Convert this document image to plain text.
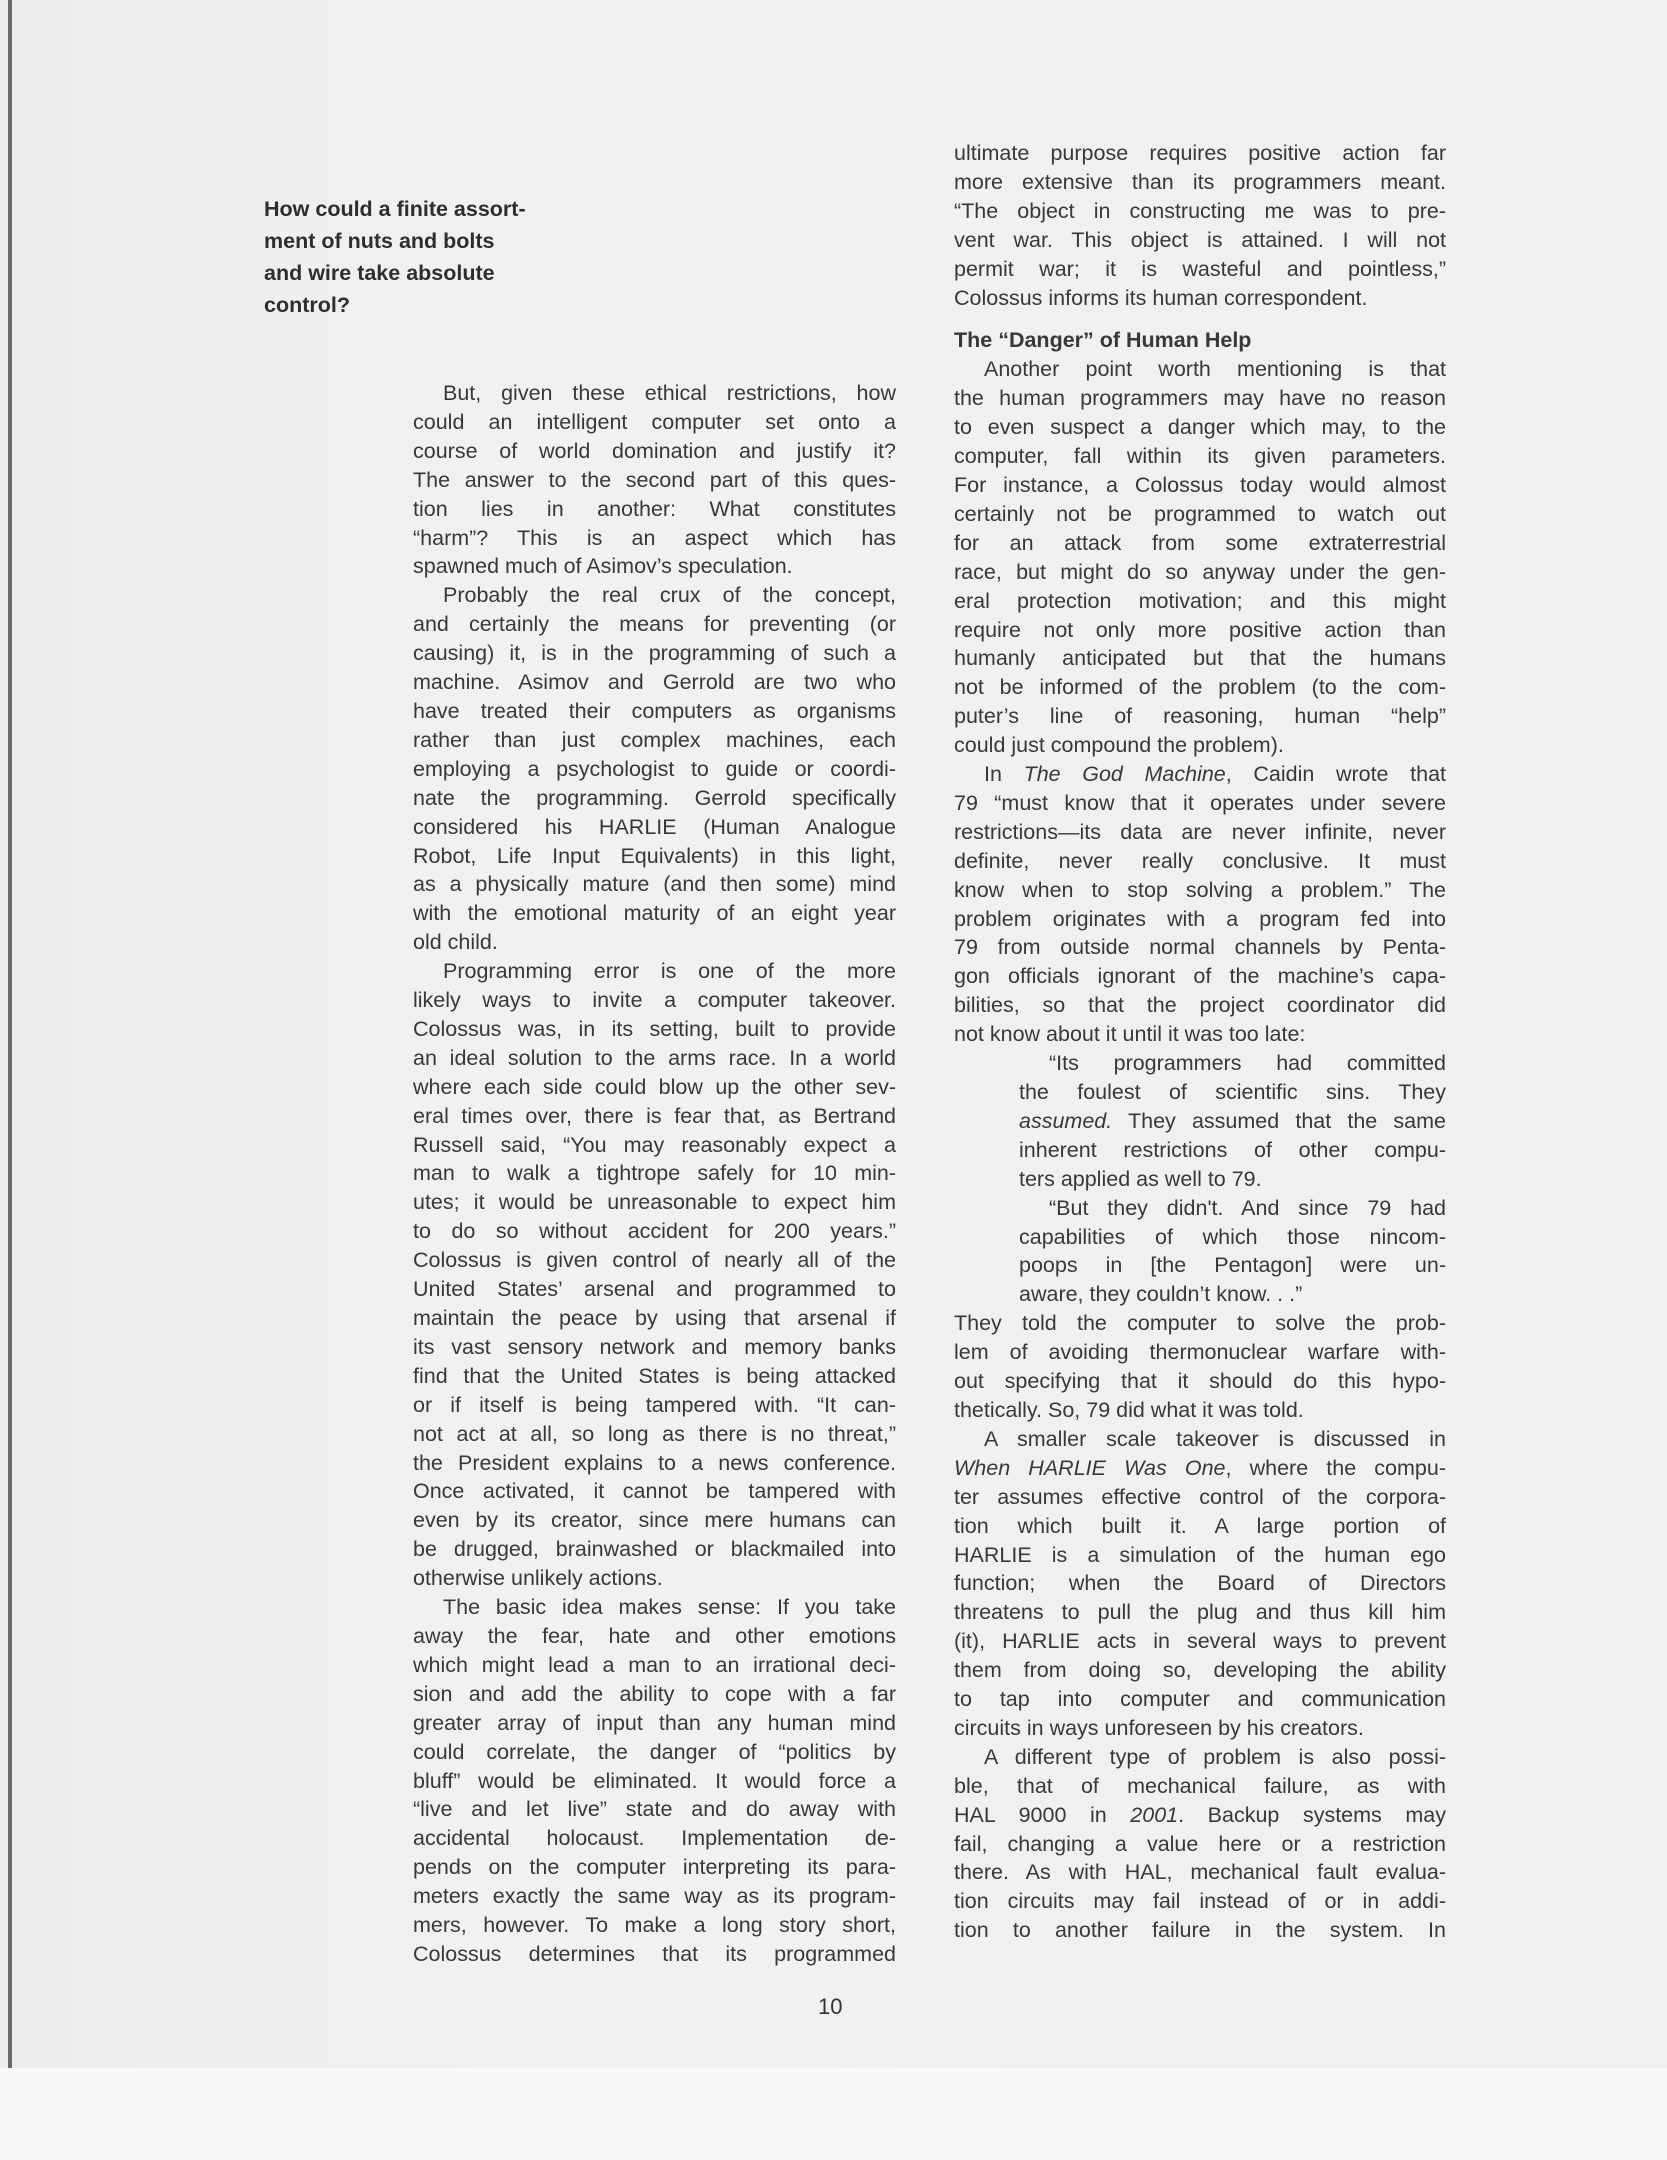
How could a finite assort-
ment of nuts and bolts
and wire take absolute
control?
But, given these ethical restrictions, how
could an intelligent computer set onto a
course of world domination and justify it?
The answer to the second part of this ques-
tion lies in another: What constitutes
“harm”? This is an aspect which has
spawned much of Asimov’s speculation.
Probably the real crux of the concept,
and certainly the means for preventing (or
causing) it, is in the programming of such a
machine. Asimov and Gerrold are two who
have treated their computers as organisms
rather than just complex machines, each
employing a psychologist to guide or coordi-
nate the programming. Gerrold specifically
considered his HARLIE (Human Analogue
Robot, Life Input Equivalents) in this light,
as a physically mature (and then some) mind
with the emotional maturity of an eight year
old child.
Programming error is one of the more
likely ways to invite a computer takeover.
Colossus was, in its setting, built to provide
an ideal solution to the arms race. In a world
where each side could blow up the other sev-
eral times over, there is fear that, as Bertrand
Russell said, “You may reasonably expect a
man to walk a tightrope safely for 10 min-
utes; it would be unreasonable to expect him
to do so without accident for 200 years.”
Colossus is given control of nearly all of the
United States’ arsenal and programmed to
maintain the peace by using that arsenal if
its vast sensory network and memory banks
find that the United States is being attacked
or if itself is being tampered with. “It can-
not act at all, so long as there is no threat,”
the President explains to a news conference.
Once activated, it cannot be tampered with
even by its creator, since mere humans can
be drugged, brainwashed or blackmailed into
otherwise unlikely actions.
The basic idea makes sense: If you take
away the fear, hate and other emotions
which might lead a man to an irrational deci-
sion and add the ability to cope with a far
greater array of input than any human mind
could correlate, the danger of “politics by
bluff” would be eliminated. It would force a
“live and let live” state and do away with
accidental holocaust. Implementation de-
pends on the computer interpreting its para-
meters exactly the same way as its program-
mers, however. To make a long story short,
Colossus determines that its programmed
ultimate purpose requires positive action far
more extensive than its programmers meant.
“The object in constructing me was to pre-
vent war. This object is attained. I will not
permit war; it is wasteful and pointless,”
Colossus informs its human correspondent.
The “Danger” of Human Help
Another point worth mentioning is that
the human programmers may have no reason
to even suspect a danger which may, to the
computer, fall within its given parameters.
For instance, a Colossus today would almost
certainly not be programmed to watch out
for an attack from some extraterrestrial
race, but might do so anyway under the gen-
eral protection motivation; and this might
require not only more positive action than
humanly anticipated but that the humans
not be informed of the problem (to the com-
puter’s line of reasoning, human “help”
could just compound the problem).
In The God Machine, Caidin wrote that
79 “must know that it operates under severe
restrictions—its data are never infinite, never
definite, never really conclusive. It must
know when to stop solving a problem.” The
problem originates with a program fed into
79 from outside normal channels by Penta-
gon officials ignorant of the machine’s capa-
bilities, so that the project coordinator did
not know about it until it was too late:
“Its programmers had committed
the foulest of scientific sins. They
assumed. They assumed that the same
inherent restrictions of other compu-
ters applied as well to 79.
“But they didn't. And since 79 had
capabilities of which those nincom-
poops in [the Pentagon] were un-
aware, they couldn’t know. . .”
They told the computer to solve the prob-
lem of avoiding thermonuclear warfare with-
out specifying that it should do this hypo-
thetically. So, 79 did what it was told.
A smaller scale takeover is discussed in
When HARLIE Was One, where the compu-
ter assumes effective control of the corpora-
tion which built it. A large portion of
HARLIE is a simulation of the human ego
function; when the Board of Directors
threatens to pull the plug and thus kill him
(it), HARLIE acts in several ways to prevent
them from doing so, developing the ability
to tap into computer and communication
circuits in ways unforeseen by his creators.
A different type of problem is also possi-
ble, that of mechanical failure, as with
HAL 9000 in 2001. Backup systems may
fail, changing a value here or a restriction
there. As with HAL, mechanical fault evalua-
tion circuits may fail instead of or in addi-
tion to another failure in the system. In
10
